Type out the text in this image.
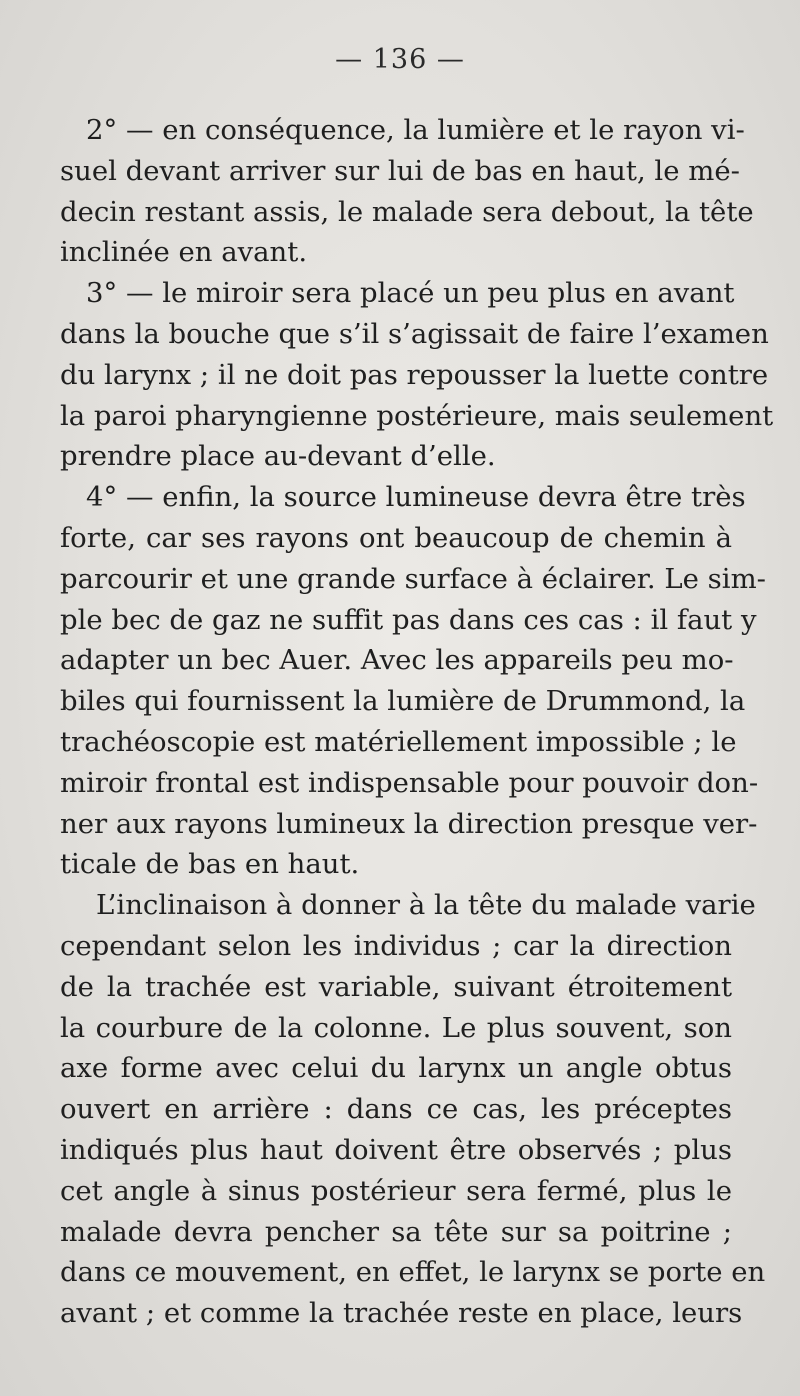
— 136 —
2° — en conséquence, la lumière et le rayon vi-
suel devant arriver sur lui de bas en haut, le mé-
decin restant assis, le malade sera debout, la tête
inclinée en avant.
3° — le miroir sera placé un peu plus en avant
dans la bouche que s’il s’agissait de faire l’examen
du larynx ; il ne doit pas repousser la luette contre
la paroi pharyngienne postérieure, mais seulement
prendre place au-devant d’elle.
4° — enfin, la source lumineuse devra être très
forte, car ses rayons ont beaucoup de chemin à
parcourir et une grande surface à éclairer. Le sim-
ple bec de gaz ne suffit pas dans ces cas : il faut y
adapter un bec Auer. Avec les appareils peu mo-
biles qui fournissent la lumière de Drummond, la
trachéoscopie est matériellement impossible ; le
miroir frontal est indispensable pour pouvoir don-
ner aux rayons lumineux la direction presque ver-
ticale de bas en haut.
L’inclinaison à donner à la tête du malade varie
cependant selon les individus ; car la direction
de la trachée est variable, suivant étroitement
la courbure de la colonne. Le plus souvent, son
axe forme avec celui du larynx un angle obtus
ouvert en arrière : dans ce cas, les préceptes
indiqués plus haut doivent être observés ; plus
cet angle à sinus postérieur sera fermé, plus le
malade devra pencher sa tête sur sa poitrine ;
dans ce mouvement, en effet, le larynx se porte en
avant ; et comme la trachée reste en place, leurs
